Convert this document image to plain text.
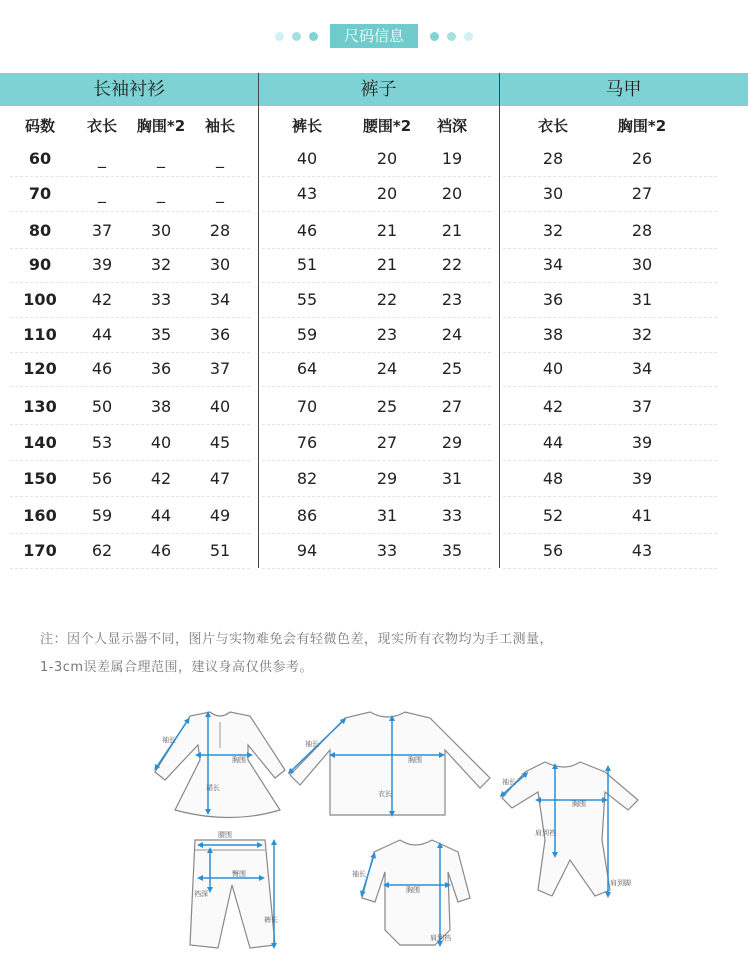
尺码信息
长袖衬衫	裤子	马甲
码数 衣长 胸围*2 袖长	裤长	腰围*2 裆深	衣长	胸围*2
60	_	_	_	40	20	19	28	26
70	_	_	_	43	20	20	30	27
80	37 30 28	46	21	21	32	28
90	39 32 30	51	21	22	34	30
100 42 33 34	55	22	23	36	31
110 44 35 36	59	23	24	38	32
120 46 36 37	64	24	25	40	34
130 50 38 40	70	25	27	42	37
140 53 40 45	76	27	29	44	39
150 56 42 47	82	29	31	48	39
160 59 44 49	86	31	33	52	41
170 62 46 51	94	33	35	56	43
注：因个人显示器不同，图片与实物难免会有轻微色差，现实所有衣物均为手工测量，
1-3cm误差属合理范围，建议身高仅供参考。
袖长
胸围
裙长
袖长
胸围
衣长
袖长
胸围
肩到裆
肩到脚
腰围
臀围
裆深
裤长
袖长
胸围
肩到裆
